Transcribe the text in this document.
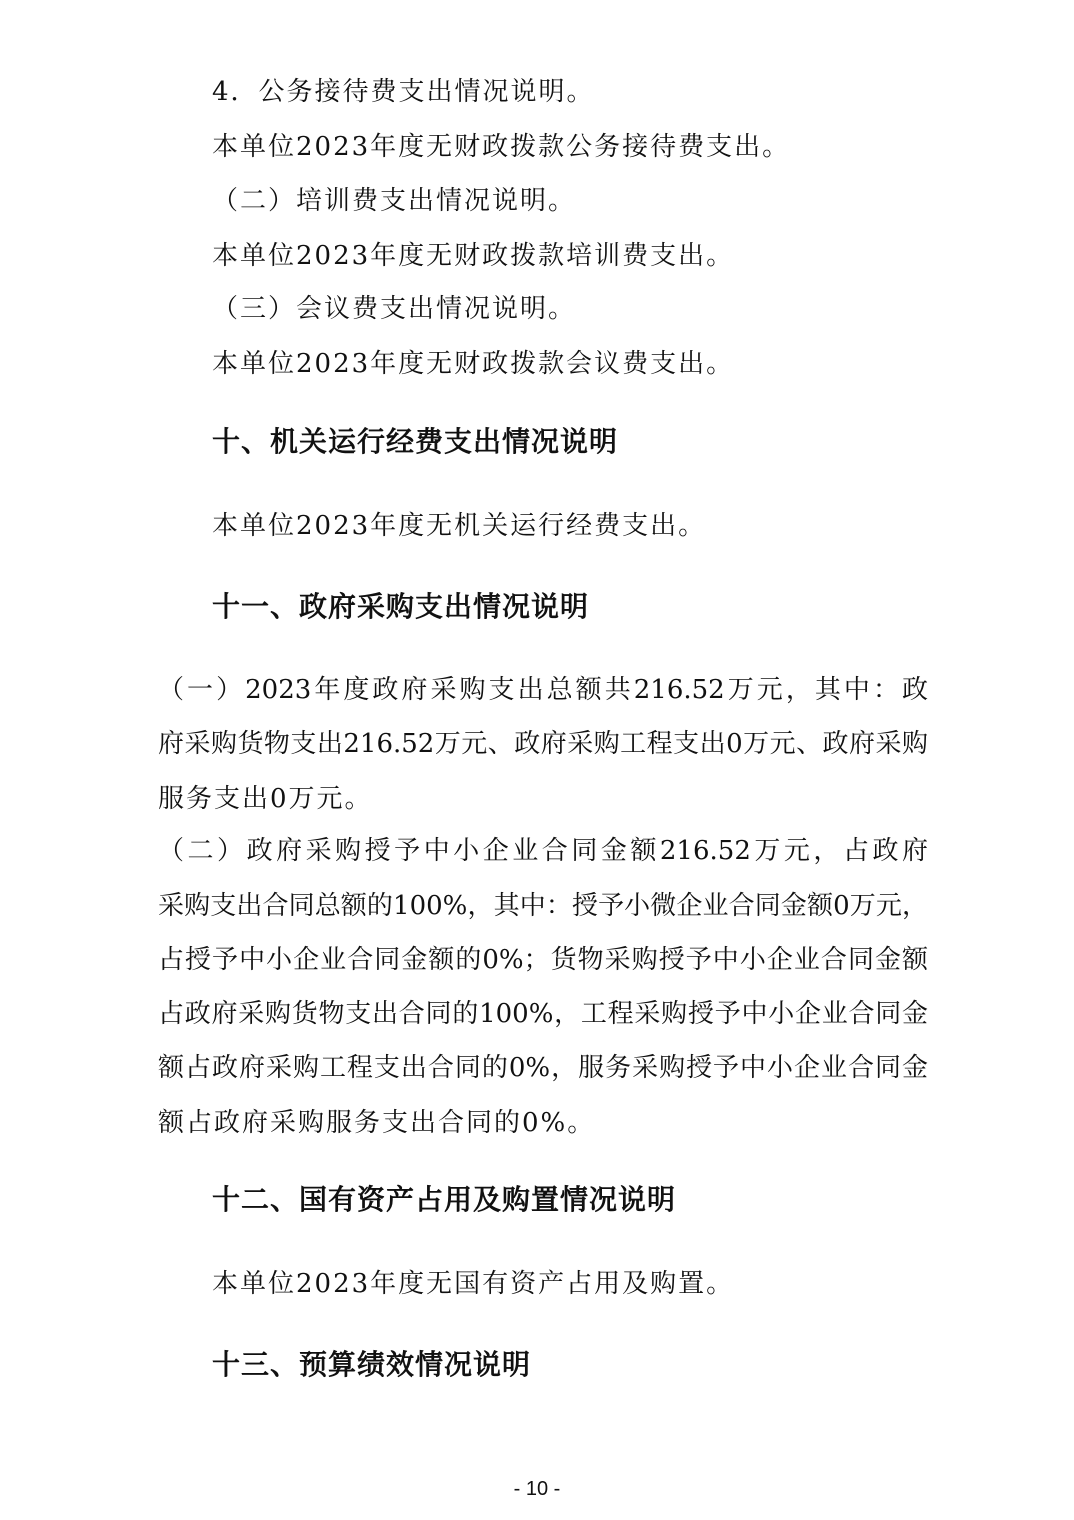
4．公务接待费支出情况说明。
本单位2023年度无财政拨款公务接待费支出。
（二）培训费支出情况说明。
本单位2023年度无财政拨款培训费支出。
（三）会议费支出情况说明。
本单位2023年度无财政拨款会议费支出。
十、机关运行经费支出情况说明
本单位2023年度无机关运行经费支出。
十一、政府采购支出情况说明
（一）2023年度政府采购支出总额共216.52万元，其中：政
府采购货物支出216.52万元、政府采购工程支出0万元、政府采购
服务支出0万元。
（二）政府采购授予中小企业合同金额216.52万元，占政府
采购支出合同总额的100%，其中：授予小微企业合同金额0万元，
占授予中小企业合同金额的0%；货物采购授予中小企业合同金额
占政府采购货物支出合同的100%，工程采购授予中小企业合同金
额占政府采购工程支出合同的0%，服务采购授予中小企业合同金
额占政府采购服务支出合同的0%。
十二、国有资产占用及购置情况说明
本单位2023年度无国有资产占用及购置。
十三、预算绩效情况说明
- 10 -
